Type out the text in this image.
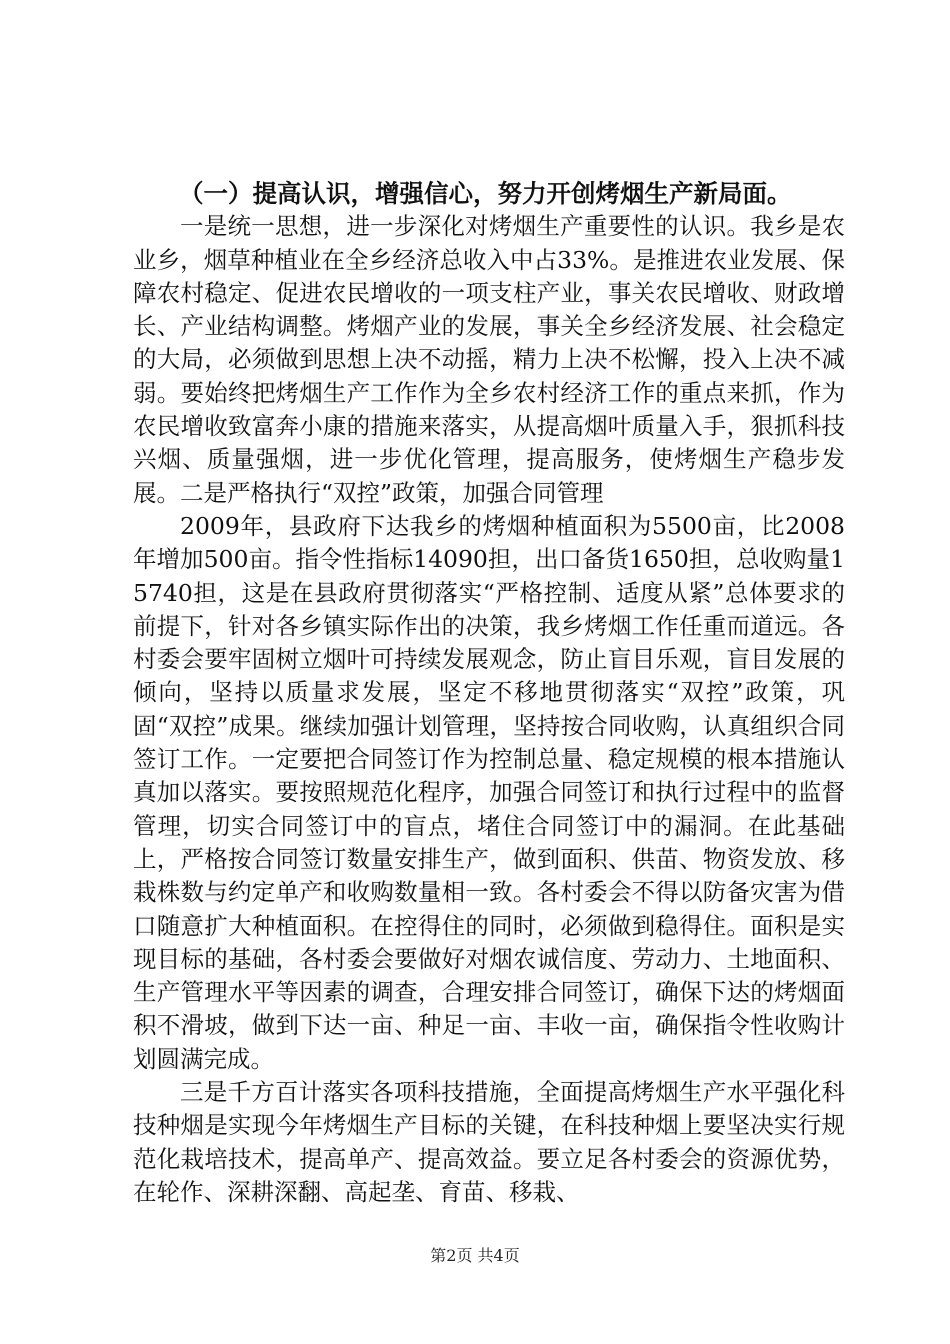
（一）提高认识，增强信心，努力开创烤烟生产新局面。

一是统一思想，进一步深化对烤烟生产重要性的认识。我乡是农业乡，烟草种植业在全乡经济总收入中占33%。是推进农业发展、保障农村稳定、促进农民增收的一项支柱产业，事关农民增收、财政增长、产业结构调整。烤烟产业的发展，事关全乡经济发展、社会稳定的大局，必须做到思想上决不动摇，精力上决不松懈，投入上决不减弱。要始终把烤烟生产工作作为全乡农村经济工作的重点来抓，作为农民增收致富奔小康的措施来落实，从提高烟叶质量入手，狠抓科技兴烟、质量强烟，进一步优化管理，提高服务，使烤烟生产稳步发展。二是严格执行“双控”政策，加强合同管理

2009年，县政府下达我乡的烤烟种植面积为5500亩，比2008年增加500亩。指令性指标14090担，出口备货1650担，总收购量15740担，这是在县政府贯彻落实“严格控制、适度从紧”总体要求的前提下，针对各乡镇实际作出的决策，我乡烤烟工作任重而道远。各村委会要牢固树立烟叶可持续发展观念，防止盲目乐观，盲目发展的倾向，坚持以质量求发展，坚定不移地贯彻落实“双控”政策，巩固“双控”成果。继续加强计划管理，坚持按合同收购，认真组织合同签订工作。一定要把合同签订作为控制总量、稳定规模的根本措施认真加以落实。要按照规范化程序，加强合同签订和执行过程中的监督管理，切实合同签订中的盲点，堵住合同签订中的漏洞。在此基础上，严格按合同签订数量安排生产，做到面积、供苗、物资发放、移栽株数与约定单产和收购数量相一致。各村委会不得以防备灾害为借口随意扩大种植面积。在控得住的同时，必须做到稳得住。面积是实现目标的基础，各村委会要做好对烟农诚信度、劳动力、土地面积、生产管理水平等因素的调查，合理安排合同签订，确保下达的烤烟面积不滑坡，做到下达一亩、种足一亩、丰收一亩，确保指令性收购计划圆满完成。

三是千方百计落实各项科技措施，全面提高烤烟生产水平强化科技种烟是实现今年烤烟生产目标的关键，在科技种烟上要坚决实行规范化栽培技术，提高单产、提高效益。要立足各村委会的资源优势，在轮作、深耕深翻、高起垄、育苗、移栽、

第2页 共4页
